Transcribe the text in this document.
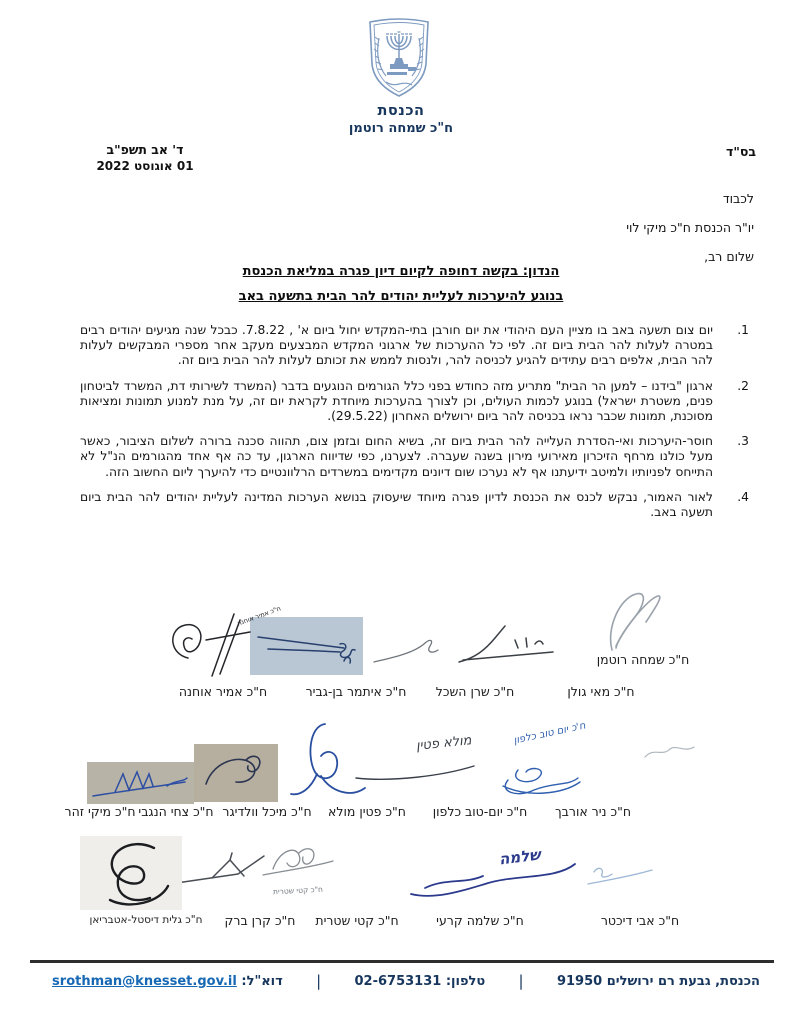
הכנסת
ח"כ שמחה רוטמן
בס"ד
ד' אב תשפ"ב
01 אוגוסט 2022
לכבוד
יו"ר הכנסת ח"כ מיקי לוי
שלום רב,
הנדון: בקשה דחופה לקיום דיון פגרה במליאת הכנסת
בנוגע להיערכות לעליית יהודים להר הבית בתשעה באב
1.
יום צום תשעה באב בו מציין העם היהודי את יום חורבן בתי-המקדש יחול ביום א' , 7.8.22. כבכל שנה מגיעים יהודים רבים במטרה לעלות להר הבית ביום זה. לפי כל ההערכות של ארגוני המקדש המבצעים מעקב אחר מספרי המבקשים לעלות להר הבית, אלפים רבים עתידים להגיע לכניסה להר, ולנסות לממש את זכותם לעלות להר הבית ביום זה.
2.
ארגון "בידנו – למען הר הבית" מתריע מזה כחודש בפני כלל הגורמים הנוגעים בדבר (המשרד לשירותי דת, המשרד לביטחון פנים, משטרת ישראל) בנוגע לכמות העולים, וכן לצורך בהערכות מיוחדת לקראת יום זה, על מנת למנוע תמונות ומציאות מסוכנת, תמונות שכבר נראו בכניסה להר ביום ירושלים האחרון (29.5.22).
3.
חוסר-היערכות ואי-הסדרת העלייה להר הבית ביום זה, בשיא החום ובזמן צום, תהווה סכנה ברורה לשלום הציבור, כאשר מעל כולנו מרחף הזיכרון מאירועי מירון בשנה שעברה. לצערנו, כפי שדיווח הארגון, עד כה אף אחד מהגורמים הנ"ל לא התייחס לפניותיו ולמיטב ידיעתנו אף לא נערכו שום דיונים מקדימים במשרדים הרלוונטיים כדי להיערך ליום החשוב הזה.
4.
לאור האמור, נבקש לכנס את הכנסת לדיון פגרה מיוחד שיעסוק בנושא הערכות המדינה לעליית יהודים להר הבית ביום תשעה באב.
ח"כ שמחה רוטמן
ח"כ מאי גולן
ח"כ שרן השכל
ח"כ איתמר בן-גביר
ח"כ אמיר אוחנה
ח"כ אמיר אוחנה
ח"כ ניר אורבך
ח'כ יום טוב כלפון
ח"כ יום-טוב כלפון
מולא פטין
ח"כ פטין מולא
ח"כ מיכל וולדיגר
ח"כ צחי הנגבי
ח"כ מיקי זהר
ח"כ אבי דיכטר
שלמה
ח"כ שלמה קרעי
ח"כ קטי שטרית
ח"כ קטי שטרית
ח"כ קרן ברק
ח"כ גלית דיסטל-אטבריאן
הכנסת, גבעת רם ירושלים 91950
|
טלפון: 02-6753131
|
דוא"ל: srothman@knesset.gov.il
